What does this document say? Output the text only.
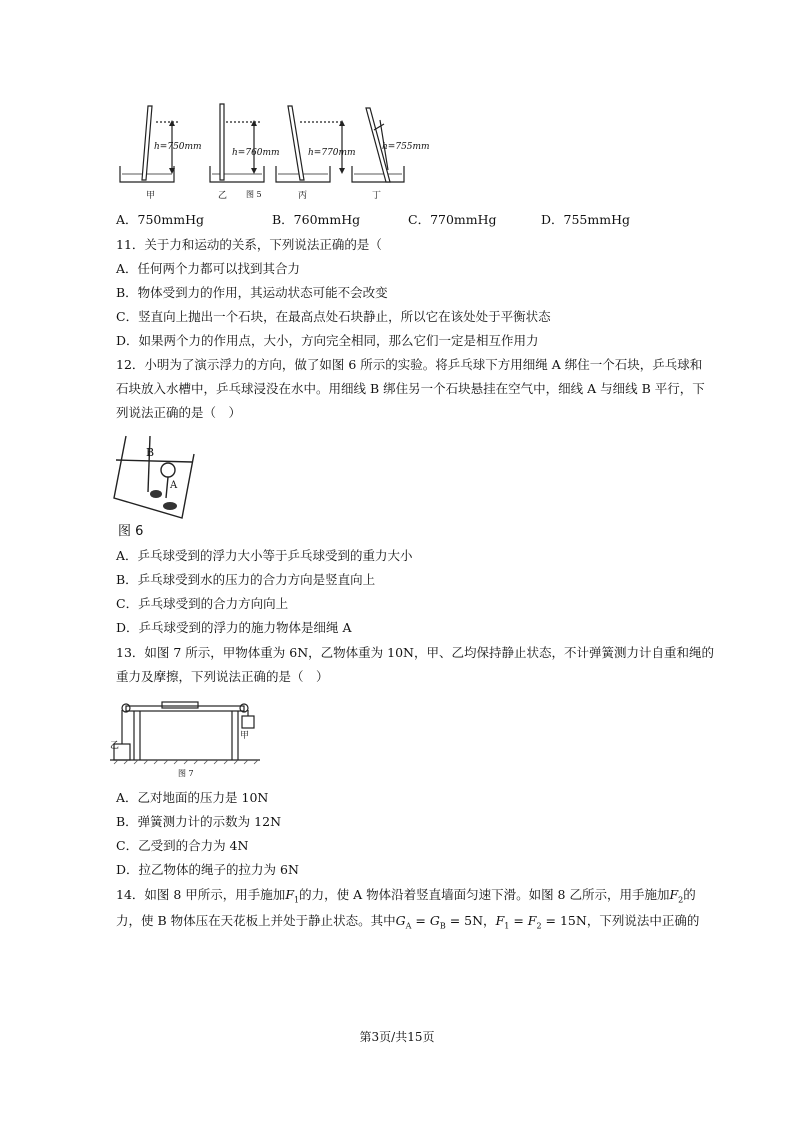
h=750mm
h=760mm	h=770mm
h=755mm
甲	乙 图 5	丙	丁
A．750mmHg	B．760mmHg	C．770mmHg	D．755mmHg
11．关于力和运动的关系，下列说法正确的是（
A．任何两个力都可以找到其合力
B．物体受到力的作用，其运动状态可能不会改变
C．竖直向上抛出一个石块，在最高点处石块静止，所以它在该处处于平衡状态
D．如果两个力的作用点，大小，方向完全相同，那么它们一定是相互作用力
12．小明为了演示浮力的方向，做了如图 6 所示的实验。将乒乓球下方用细绳 A 绑住一个石块，乒乓球和
石块放入水槽中，乒乓球浸没在水中。用细线 B 绑住另一个石块悬挂在空气中，细线 A 与细线 B 平行，下
列说法正确的是（　）
B
A
图 6
A．乒乓球受到的浮力大小等于乒乓球受到的重力大小
B．乒乓球受到水的压力的合力方向是竖直向上
C．乒乓球受到的合力方向向上
D．乒乓球受到的浮力的施力物体是细绳 A
13．如图 7 所示，甲物体重为 6N，乙物体重为 10N，甲、乙均保持静止状态，不计弹簧测力计自重和绳的
重力及摩擦，下列说法正确的是（　）
甲
乙
图 7
A．乙对地面的压力是 10N
B．弹簧测力计的示数为 12N
C．乙受到的合力为 4N
D．拉乙物体的绳子的拉力为 6N
14．如图 8 甲所示，用手施加$F_1$的力，使 A 物体沿着竖直墙面匀速下滑。如图 8 乙所示，用手施加$F_2$的
力，使 B 物体压在天花板上并处于静止状态。其中$G_A = G_B = 5N$，$F_1 = F_2 = 15N$，下列说法中正确的
第3页/共15页
